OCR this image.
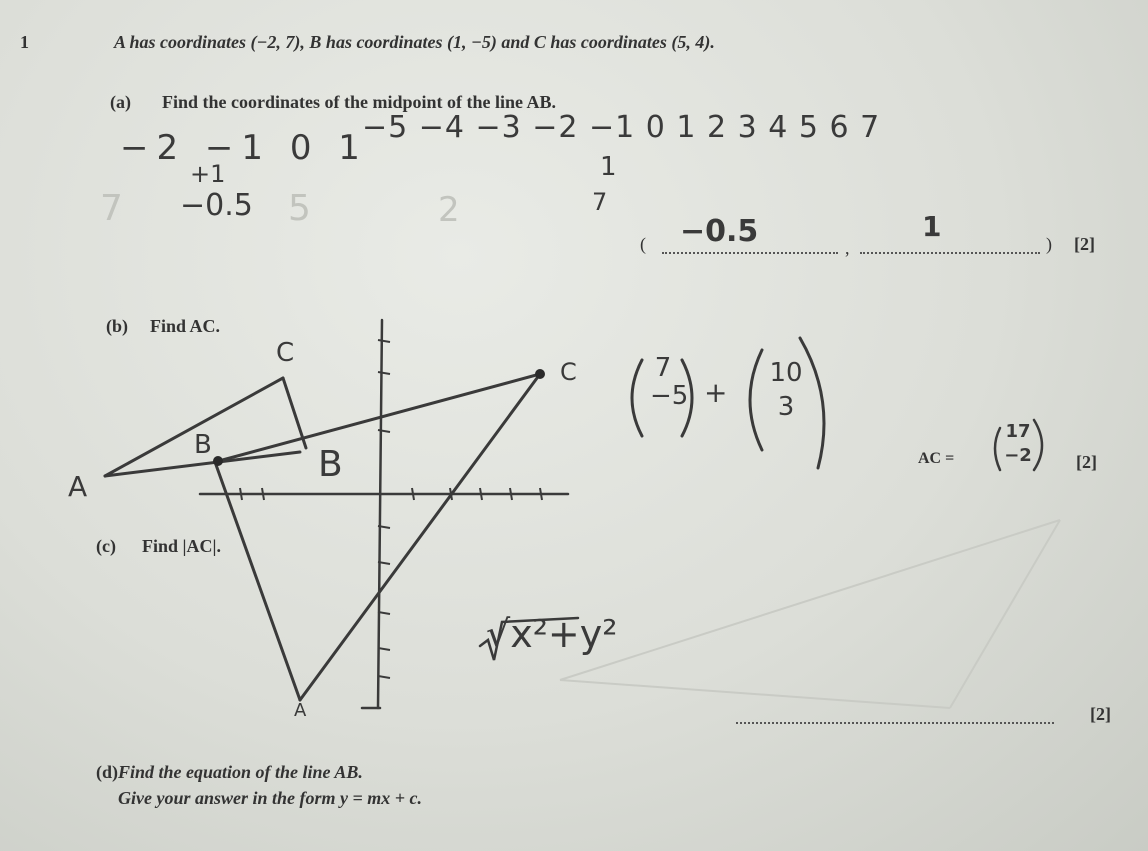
1	A has coordinates (−2, 7), B has coordinates (1, −5) and C has coordinates (5, 4).
(a) Find the coordinates of the midpoint of the line AB.
−2 −1 0 1
−5 −4 −3 −2 −1 0 1 2 3 4 5 6 7
+1	1
−0.5	7
7	5	2
( −0.5	,
1
) [2]
(b) Find AC.
A
B
C
B
C
A
7
−5 +
10
3
AC =
17
−2 [2]
(c) Find |AC|.
√x²+y²
[2]
(d) Find the equation of the line AB.
Give your answer in the form y = mx + c.
